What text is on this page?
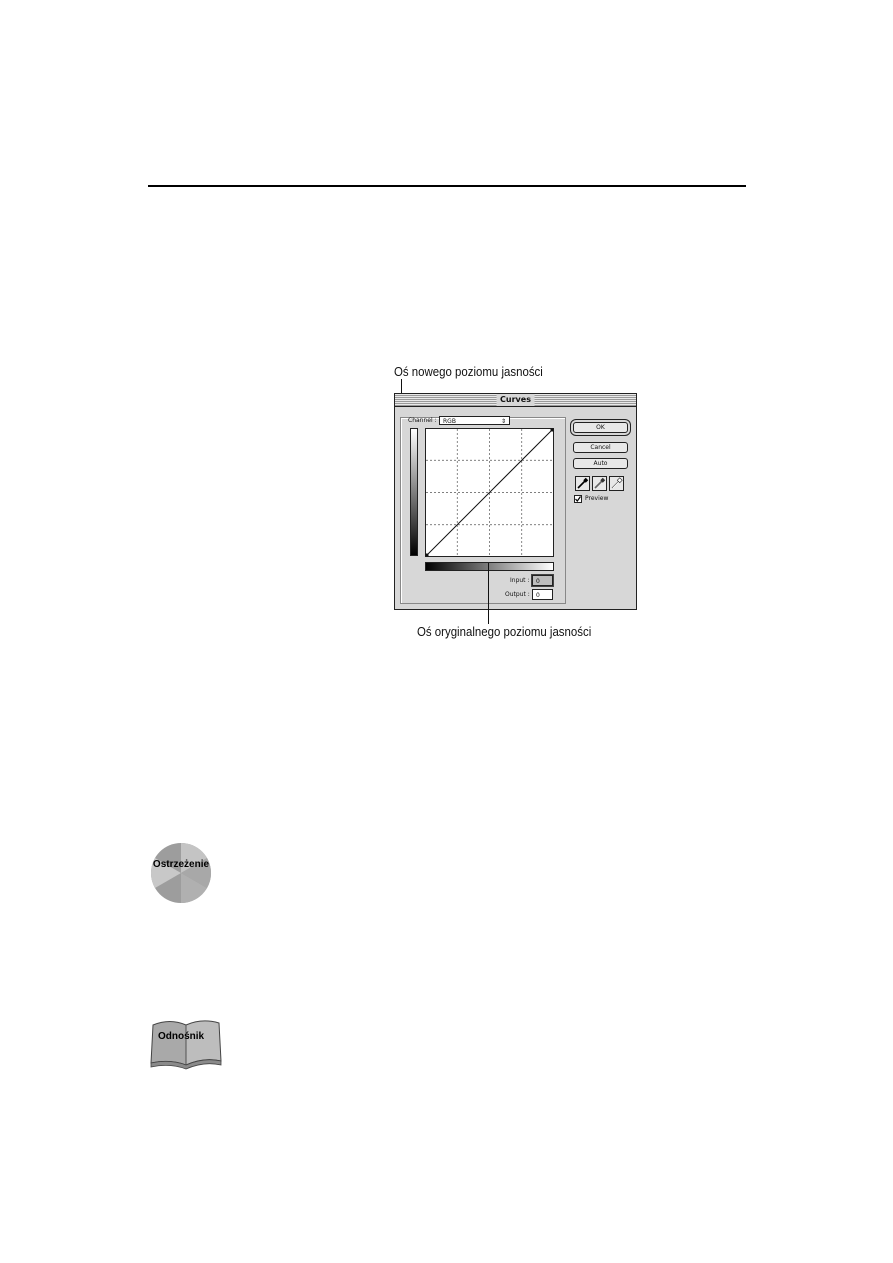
Oś nowego poziomu jasności
Curves
Channel :	RGB	⇕
Input :	0
Output :	0
OK
Cancel
Auto
Preview
Oś oryginalnego poziomu jasności
Ostrzeżenie
Odnośnik
